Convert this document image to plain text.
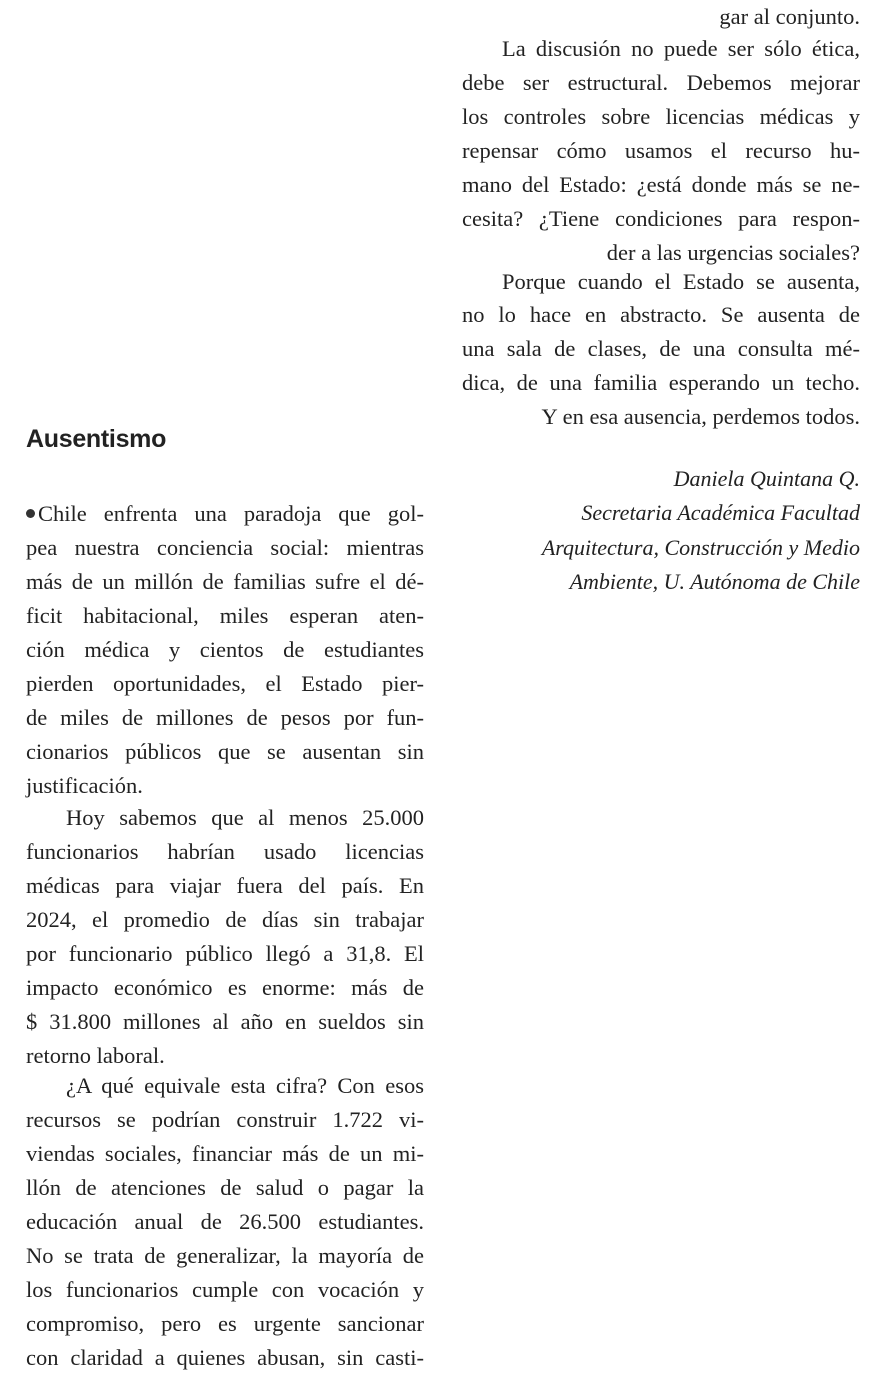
gar al conjunto.
La discusión no puede ser sólo ética,
debe ser estructural. Debemos mejorar
los controles sobre licencias médicas y
repensar cómo usamos el recurso hu-
mano del Estado: ¿está donde más se ne-
cesita? ¿Tiene condiciones para respon-
der a las urgencias sociales?
Porque cuando el Estado se ausenta,
no lo hace en abstracto. Se ausenta de
una sala de clases, de una consulta mé-
dica, de una familia esperando un techo.
Y en esa ausencia, perdemos todos.
Daniela Quintana Q.
Secretaria Académica Facultad
Arquitectura, Construcción y Medio
Ambiente, U. Autónoma de Chile
Ausentismo
Chile enfrenta una paradoja que gol-
pea nuestra conciencia social: mientras
más de un millón de familias sufre el dé-
ficit habitacional, miles esperan aten-
ción médica y cientos de estudiantes
pierden oportunidades, el Estado pier-
de miles de millones de pesos por fun-
cionarios públicos que se ausentan sin
justificación.
Hoy sabemos que al menos 25.000
funcionarios habrían usado licencias
médicas para viajar fuera del país. En
2024, el promedio de días sin trabajar
por funcionario público llegó a 31,8. El
impacto económico es enorme: más de
$ 31.800 millones al año en sueldos sin
retorno laboral.
¿A qué equivale esta cifra? Con esos
recursos se podrían construir 1.722 vi-
viendas sociales, financiar más de un mi-
llón de atenciones de salud o pagar la
educación anual de 26.500 estudiantes.
No se trata de generalizar, la mayoría de
los funcionarios cumple con vocación y
compromiso, pero es urgente sancionar
con claridad a quienes abusan, sin casti-
